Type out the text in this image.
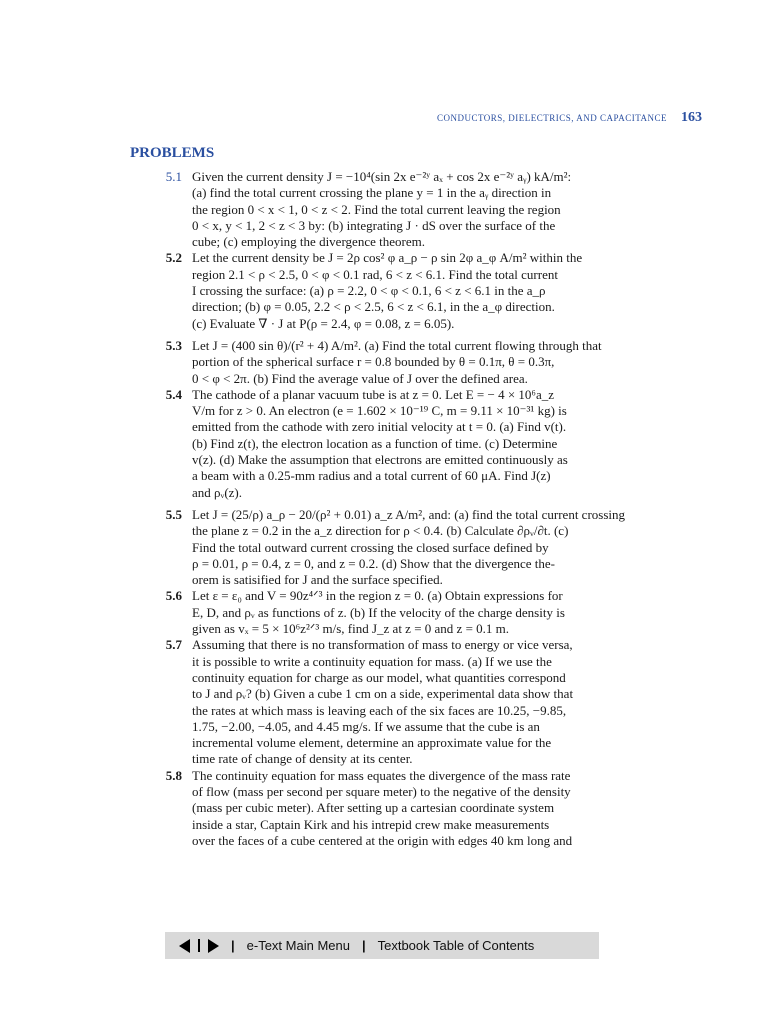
CONDUCTORS, DIELECTRICS, AND CAPACITANCE 163
PROBLEMS
5.1 Given the current density J = −10⁴(sin 2x e⁻²ʸ aₓ + cos 2x e⁻²ʸ aᵧ) kA/m²:

(a) find the total current crossing the plane y = 1 in the aᵧ direction in

the region 0 < x < 1, 0 < z < 2. Find the total current leaving the region

0 < x, y < 1, 2 < z < 3 by: (b) integrating J · dS over the surface of the

cube; (c) employing the divergence theorem.

5.2 Let the current density be J = 2ρ cos² φ a_ρ − ρ sin 2φ a_φ A/m² within the

region 2.1 < ρ < 2.5, 0 < φ < 0.1 rad, 6 < z < 6.1. Find the total current

I crossing the surface: (a) ρ = 2.2, 0 < φ < 0.1, 6 < z < 6.1 in the a_ρ

direction; (b) φ = 0.05, 2.2 < ρ < 2.5, 6 < z < 6.1, in the a_φ direction.

(c) Evaluate ∇ · J at P(ρ = 2.4, φ = 0.08, z = 6.05).

5.3 Let J = (400 sin θ)/(r² + 4) A/m². (a) Find the total current flowing through that

portion of the spherical surface r = 0.8 bounded by θ = 0.1π, θ = 0.3π,

0 < φ < 2π. (b) Find the average value of J over the defined area.

5.4 The cathode of a planar vacuum tube is at z = 0. Let E = − 4 × 10⁶a_z

V/m for z > 0. An electron (e = 1.602 × 10⁻¹⁹ C, m = 9.11 × 10⁻³¹ kg) is

emitted from the cathode with zero initial velocity at t = 0. (a) Find v(t).

(b) Find z(t), the electron location as a function of time. (c) Determine

v(z). (d) Make the assumption that electrons are emitted continuously as

a beam with a 0.25-mm radius and a total current of 60 μA. Find J(z)

and ρᵥ(z).

5.5 Let J = (25/ρ) a_ρ − 20/(ρ² + 0.01) a_z A/m², and: (a) find the total current crossing

the plane z = 0.2 in the a_z direction for ρ < 0.4. (b) Calculate ∂ρᵥ/∂t. (c)

Find the total outward current crossing the closed surface defined by

ρ = 0.01, ρ = 0.4, z = 0, and z = 0.2. (d) Show that the divergence the-

orem is satisified for J and the surface specified.

5.6 Let ε = ε₀ and V = 90z⁴ᐟ³ in the region z = 0. (a) Obtain expressions for

E, D, and ρᵥ as functions of z. (b) If the velocity of the charge density is

given as vₓ = 5 × 10⁶z²ᐟ³ m/s, find J_z at z = 0 and z = 0.1 m.

5.7 Assuming that there is no transformation of mass to energy or vice versa,

it is possible to write a continuity equation for mass. (a) If we use the

continuity equation for charge as our model, what quantities correspond

to J and ρᵥ? (b) Given a cube 1 cm on a side, experimental data show that

the rates at which mass is leaving each of the six faces are 10.25, −9.85,

1.75, −2.00, −4.05, and 4.45 mg/s. If we assume that the cube is an

incremental volume element, determine an approximate value for the

time rate of change of density at its center.

5.8 The continuity equation for mass equates the divergence of the mass rate

of flow (mass per second per square meter) to the negative of the density

(mass per cubic meter). After setting up a cartesian coordinate system

inside a star, Captain Kirk and his intrepid crew make measurements

over the faces of a cube centered at the origin with edges 40 km long and

| e-Text Main Menu | Textbook Table of Contents
